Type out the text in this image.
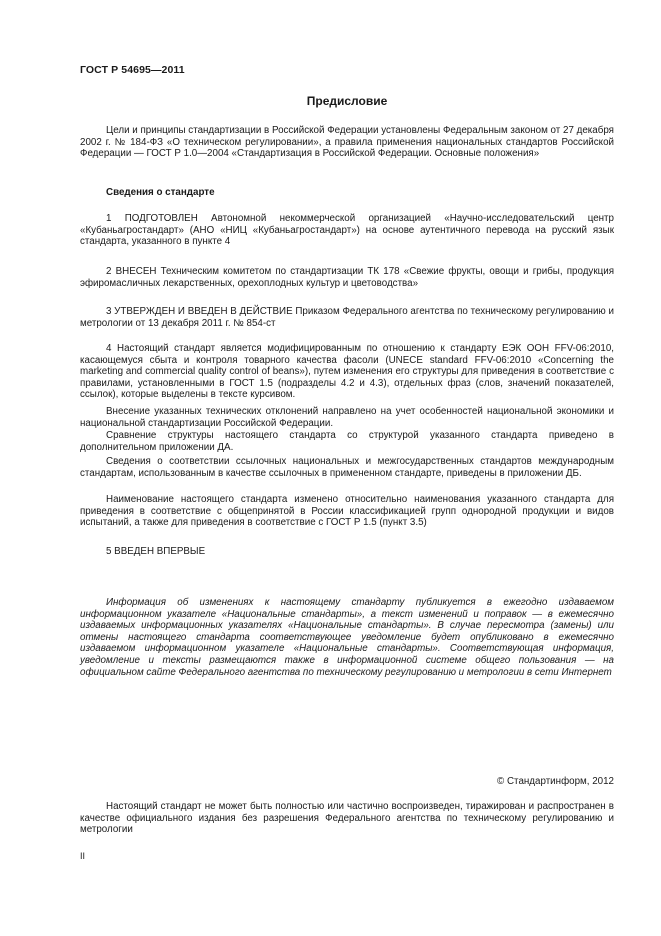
ГОСТ Р 54695—2011
Предисловие

Цели и принципы стандартизации в Российской Федерации установлены Федеральным законом от 27 декабря 2002 г. № 184-ФЗ «О техническом регулировании», а правила применения национальных стандартов Российской Федерации — ГОСТ Р 1.0—2004 «Стандартизация в Российской Федерации. Основные положения»

Сведения о стандарте

1 ПОДГОТОВЛЕН Автономной некоммерческой организацией «Научно-исследовательский центр «Кубаньагростандарт» (АНО «НИЦ «Кубаньагростандарт») на основе аутентичного перевода на русский язык стандарта, указанного в пункте 4

2 ВНЕСЕН Техническим комитетом по стандартизации ТК 178 «Свежие фрукты, овощи и грибы, продукция эфиромасличных лекарственных, орехоплодных культур и цветоводства»

3 УТВЕРЖДЕН И ВВЕДЕН В ДЕЙСТВИЕ Приказом Федерального агентства по техническому регулированию и метрологии от 13 декабря 2011 г. № 854-ст

4 Настоящий стандарт является модифицированным по отношению к стандарту ЕЭК ООН FFV-06:2010, касающемуся сбыта и контроля товарного качества фасоли (UNECE standard FFV-06:2010 «Concerning the marketing and commercial quality control of beans»), путем изменения его структуры для приведения в соответствие с правилами, установленными в ГОСТ 1.5 (подразделы 4.2 и 4.3), отдельных фраз (слов, значений показателей, ссылок), которые выделены в тексте курсивом.

Внесение указанных технических отклонений направлено на учет особенностей национальной экономики и национальной стандартизации Российской Федерации.

Сравнение структуры настоящего стандарта со структурой указанного стандарта приведено в дополнительном приложении ДА.

Сведения о соответствии ссылочных национальных и межгосударственных стандартов международным стандартам, использованным в качестве ссылочных в примененном стандарте, приведены в приложении ДБ.

Наименование настоящего стандарта изменено относительно наименования указанного стандарта для приведения в соответствие с общепринятой в России классификацией групп однородной продукции и видов испытаний, а также для приведения в соответствие с ГОСТ Р 1.5 (пункт 3.5)

5 ВВЕДЕН ВПЕРВЫЕ

Информация об изменениях к настоящему стандарту публикуется в ежегодно издаваемом информационном указателе «Национальные стандарты», а текст изменений и поправок — в ежемесячно издаваемых информационных указателях «Национальные стандарты». В случае пересмотра (замены) или отмены настоящего стандарта соответствующее уведомление будет опубликовано в ежемесячно издаваемом информационном указателе «Национальные стандарты». Соответствующая информация, уведомление и тексты размещаются также в информационной системе общего пользования — на официальном сайте Федерального агентства по техническому регулированию и метрологии в сети Интернет

© Стандартинформ, 2012

Настоящий стандарт не может быть полностью или частично воспроизведен, тиражирован и распространен в качестве официального издания без разрешения Федерального агентства по техническому регулированию и метрологии

II
